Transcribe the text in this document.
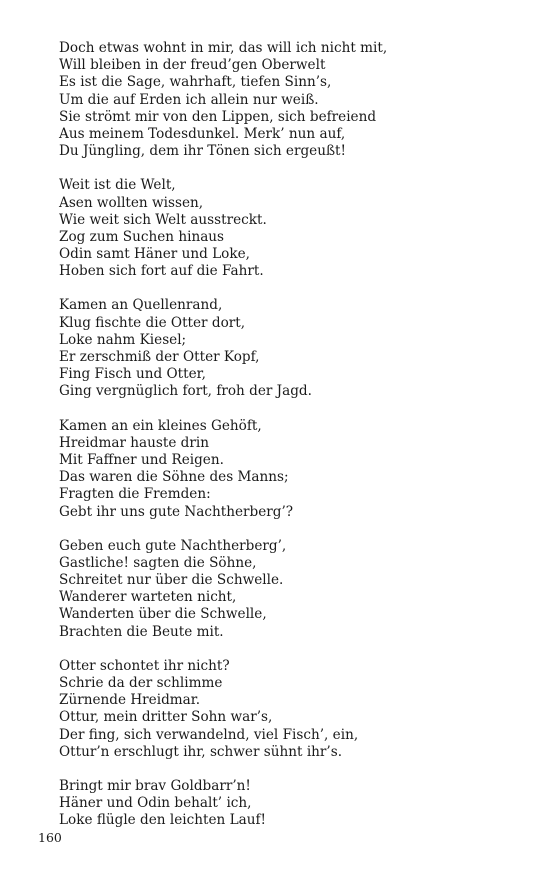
Doch etwas wohnt in mir, das will ich nicht mit,
Will bleiben in der freud’gen Oberwelt
Es ist die Sage, wahrhaft, tiefen Sinn’s,
Um die auf Erden ich allein nur weiß.
Sie strömt mir von den Lippen, sich befreiend
Aus meinem Todesdunkel. Merk’ nun auf,
Du Jüngling, dem ihr Tönen sich ergeußt!
Weit ist die Welt,
Asen wollten wissen,
Wie weit sich Welt ausstreckt.
Zog zum Suchen hinaus
Odin samt Häner und Loke,
Hoben sich fort auf die Fahrt.
Kamen an Quellenrand,
Klug fischte die Otter dort,
Loke nahm Kiesel;
Er zerschmiß der Otter Kopf,
Fing Fisch und Otter,
Ging vergnüglich fort, froh der Jagd.
Kamen an ein kleines Gehöft,
Hreidmar hauste drin
Mit Faffner und Reigen.
Das waren die Söhne des Manns;
Fragten die Fremden:
Gebt ihr uns gute Nachtherberg’?
Geben euch gute Nachtherberg’,
Gastliche! sagten die Söhne,
Schreitet nur über die Schwelle.
Wanderer warteten nicht,
Wanderten über die Schwelle,
Brachten die Beute mit.
Otter schontet ihr nicht?
Schrie da der schlimme
Zürnende Hreidmar.
Ottur, mein dritter Sohn war’s,
Der fing, sich verwandelnd, viel Fisch’, ein,
Ottur’n erschlugt ihr, schwer sühnt ihr’s.
Bringt mir brav Goldbarr’n!
Häner und Odin behalt’ ich,
Loke flügle den leichten Lauf!
160
